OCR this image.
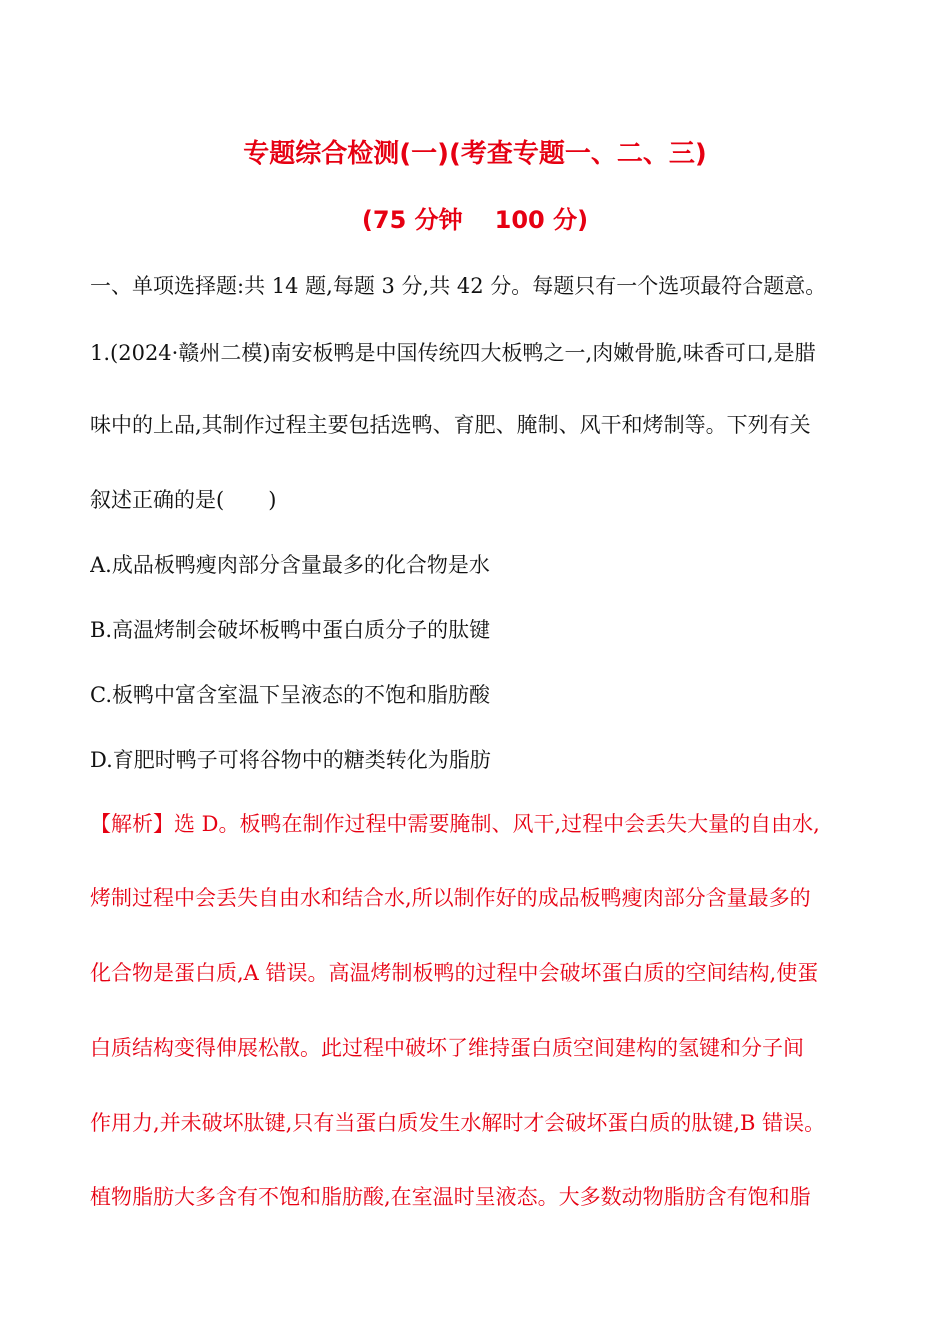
专题综合检测(一)(考查专题一、二、三)
(75 分钟 100 分)
一、单项选择题:共 14 题,每题 3 分,共 42 分。每题只有一个选项最符合题意。
1.(2024·赣州二模)南安板鸭是中国传统四大板鸭之一,肉嫩骨脆,味香可口,是腊
味中的上品,其制作过程主要包括选鸭、育肥、腌制、风干和烤制等。下列有关
叙述正确的是( )
A.成品板鸭瘦肉部分含量最多的化合物是水
B.高温烤制会破坏板鸭中蛋白质分子的肽键
C.板鸭中富含室温下呈液态的不饱和脂肪酸
D.育肥时鸭子可将谷物中的糖类转化为脂肪
【解析】选 D。板鸭在制作过程中需要腌制、风干,过程中会丢失大量的自由水,
烤制过程中会丢失自由水和结合水,所以制作好的成品板鸭瘦肉部分含量最多的
化合物是蛋白质,A 错误。高温烤制板鸭的过程中会破坏蛋白质的空间结构,使蛋
白质结构变得伸展松散。此过程中破坏了维持蛋白质空间建构的氢键和分子间
作用力,并未破坏肽键,只有当蛋白质发生水解时才会破坏蛋白质的肽键,B 错误。
植物脂肪大多含有不饱和脂肪酸,在室温时呈液态。大多数动物脂肪含有饱和脂
